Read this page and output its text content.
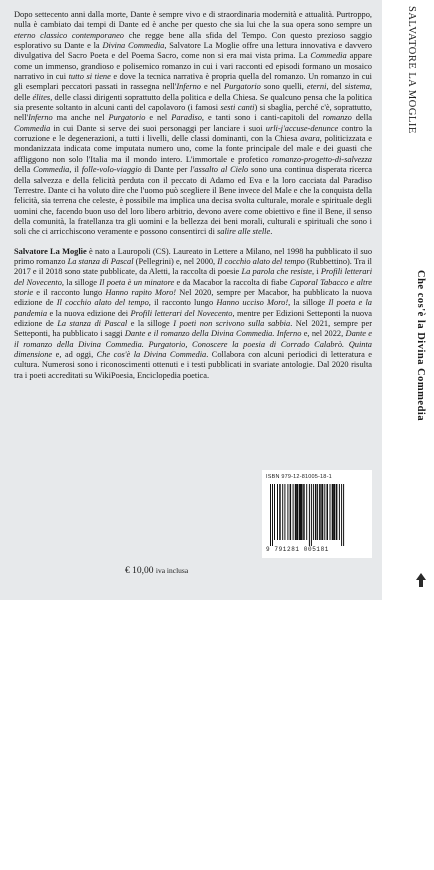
Dopo settecento anni dalla morte, Dante è sempre vivo e di straordinaria modernità e attualità. Purtroppo, nulla è cambiato dai tempi di Dante ed è anche per questo che sia lui che la sua opera sono sempre un eterno classico contemporaneo che regge bene alla sfida del Tempo. Con questo prezioso saggio esplorativo su Dante e la Divina Commedia, Salvatore La Moglie offre una lettura innovativa e davvero divulgativa del Sacro Poeta e del Poema Sacro, come non si era mai vista prima. La Commedia appare come un immenso, grandioso e polisemico romanzo in cui i vari racconti ed episodi formano un mosaico narrativo in cui tutto si tiene e dove la tecnica narrativa è propria quella del romanzo. Un romanzo in cui gli esemplari peccatori passati in rassegna nell'Inferno e nel Purgatorio sono quelli, eterni, del sistema, delle élites, delle classi dirigenti soprattutto della politica e della Chiesa. Se qualcuno pensa che la politica sia presente soltanto in alcuni canti del capolavoro (i famosi sesti canti) si sbaglia, perché c'è, soprattutto, nell'Inferno ma anche nel Purgatorio e nel Paradiso, e tanti sono i canti-capitoli del romanzo della Commedia in cui Dante si serve dei suoi personaggi per lanciare i suoi urli-j'accuse-denunce contro la corruzione e le degenerazioni, a tutti i livelli, delle classi dominanti, con la Chiesa avara, politicizzata e mondanizzata indicata come imputata numero uno, come la fonte principale del male e dei guasti che affliggono non solo l'Italia ma il mondo intero. L'immortale e profetico romanzo-progetto-di-salvezza della Commedia, il folle-volo-viaggio di Dante per l'assalto al Cielo sono una continua disperata ricerca della salvezza e della felicità perduta con il peccato di Adamo ed Eva e la loro cacciata dal Paradiso Terrestre. Dante ci ha voluto dire che l'uomo può scegliere il Bene invece del Male e che la conquista della felicità, sia terrena che celeste, è possibile ma implica una decisa svolta culturale, morale e spirituale degli uomini che, facendo buon uso del loro libero arbitrio, devono avere come obiettivo e fine il Bene, il senso della comunità, la fratellanza tra gli uomini e la bellezza dei beni morali, culturali e spirituali che sono i soli che ci arricchiscono veramente e possono consentirci di salire alle stelle.

Salvatore La Moglie è nato a Lauropoli (CS). Laureato in Lettere a Milano, nel 1998 ha pubblicato il suo primo romanzo La stanza di Pascal (Pellegrini) e, nel 2000, Il cocchio alato del tempo (Rubbettino). Tra il 2017 e il 2018 sono state pubblicate, da Aletti, la raccolta di poesie La parola che resiste, i Profili letterari del Novecento, la silloge Il poeta è un minatore e da Macabor la raccolta di fiabe Caporal Tabacco e altre storie e il racconto lungo Hanno rapito Moro! Nel 2020, sempre per Macabor, ha pubblicato la nuova edizione de Il cocchio alato del tempo, il racconto lungo Hanno ucciso Moro!, la silloge Il poeta e la pandemia e la nuova edizione dei Profili letterari del Novecento, mentre per Edizioni Setteponti la nuova edizione de La stanza di Pascal e la silloge I poeti non scrivono sulla sabbia. Nel 2021, sempre per Setteponti, ha pubblicato i saggi Dante e il romanzo della Divina Commedia. Inferno e, nel 2022, Dante e il romanzo della Divina Commedia. Purgatorio, Conoscere la poesia di Corrado Calabrò. Quinta dimensione e, ad oggi, Che cos'è la Divina Commedia. Collabora con alcuni periodici di letteratura e cultura. Numerosi sono i riconoscimenti ottenuti e i testi pubblicati in svariate antologie. Dal 2020 risulta tra i poeti accreditati su WikiPoesia, Enciclopedia poetica.

ISBN 979-12-81005-18-1
9 791281 005181
€ 10,00 iva inclusa
SALVATORE LA MOGLIE
Che cos'è la Divina Commedia
